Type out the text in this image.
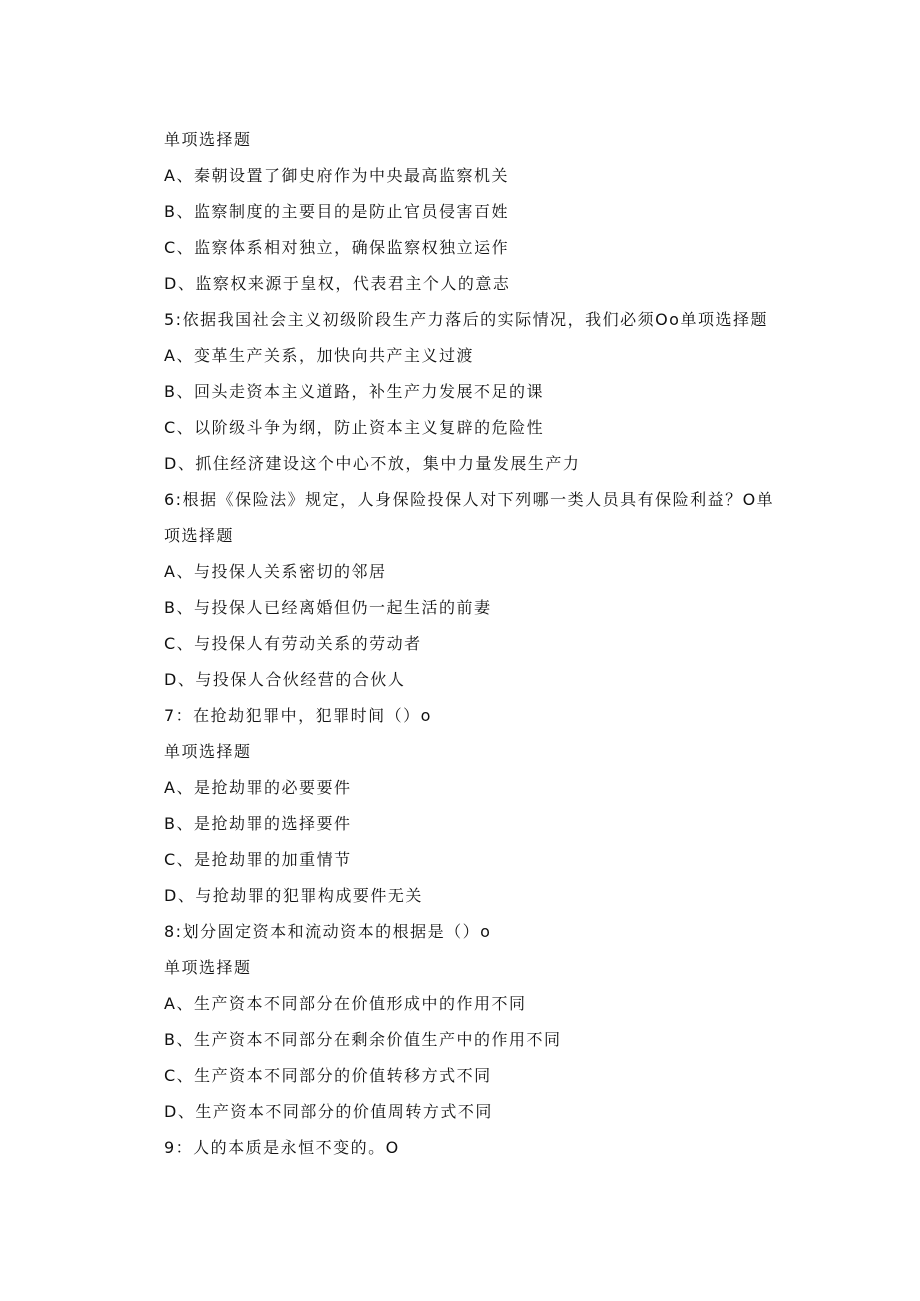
单项选择题
A、秦朝设置了御史府作为中央最高监察机关
B、监察制度的主要目的是防止官员侵害百姓
C、监察体系相对独立，确保监察权独立运作
D、监察权来源于皇权，代表君主个人的意志
5:依据我国社会主义初级阶段生产力落后的实际情况，我们必须Oo单项选择题
A、变革生产关系，加快向共产主义过渡
B、回头走资本主义道路，补生产力发展不足的课
C、以阶级斗争为纲，防止资本主义复辟的危险性
D、抓住经济建设这个中心不放，集中力量发展生产力
6:根据《保险法》规定，人身保险投保人对下列哪一类人员具有保险利益？O单
项选择题
A、与投保人关系密切的邻居
B、与投保人已经离婚但仍一起生活的前妻
C、与投保人有劳动关系的劳动者
D、与投保人合伙经营的合伙人
7：在抢劫犯罪中，犯罪时间（）o
单项选择题
A、是抢劫罪的必要要件
B、是抢劫罪的选择要件
C、是抢劫罪的加重情节
D、与抢劫罪的犯罪构成要件无关
8:划分固定资本和流动资本的根据是（）o
单项选择题
A、生产资本不同部分在价值形成中的作用不同
B、生产资本不同部分在剩余价值生产中的作用不同
C、生产资本不同部分的价值转移方式不同
D、生产资本不同部分的价值周转方式不同
9：人的本质是永恒不变的。O
